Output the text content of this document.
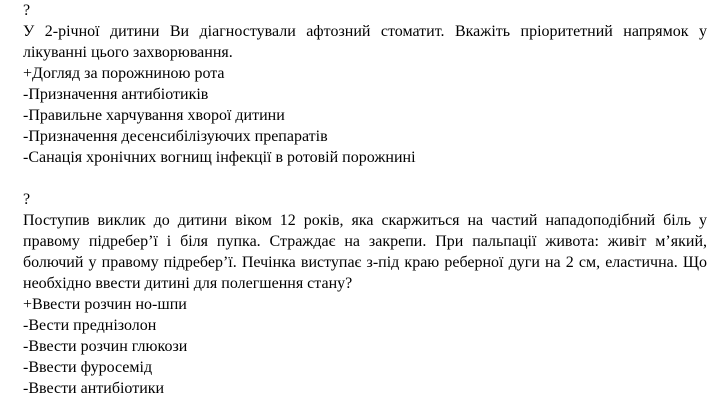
?
У 2-річної дитини Ви діагностували афтозний стоматит. Вкажіть пріоритетний напрямок у лікуванні цього захворювання.
+Догляд за порожниною рота
-Призначення антибіотиків
-Правильне харчування хворої дитини
-Призначення десенсибілізуючих препаратів
-Санація хронічних вогнищ інфекції в ротовій порожнині
?
Поступив виклик до дитини віком 12 років, яка скаржиться на частий нападоподібний біль у правому підребер’ї і біля пупка. Страждає на закрепи. При пальпації живота: живіт м’який, болючий у правому підребер’ї. Печінка виступає з-під краю реберної дуги на 2 см, еластична. Що необхідно ввести дитині для полегшення стану?
+Ввести розчин но-шпи
-Вести преднізолон
-Ввести розчин глюкози
-Ввести фуросемід
-Ввести антибіотики
